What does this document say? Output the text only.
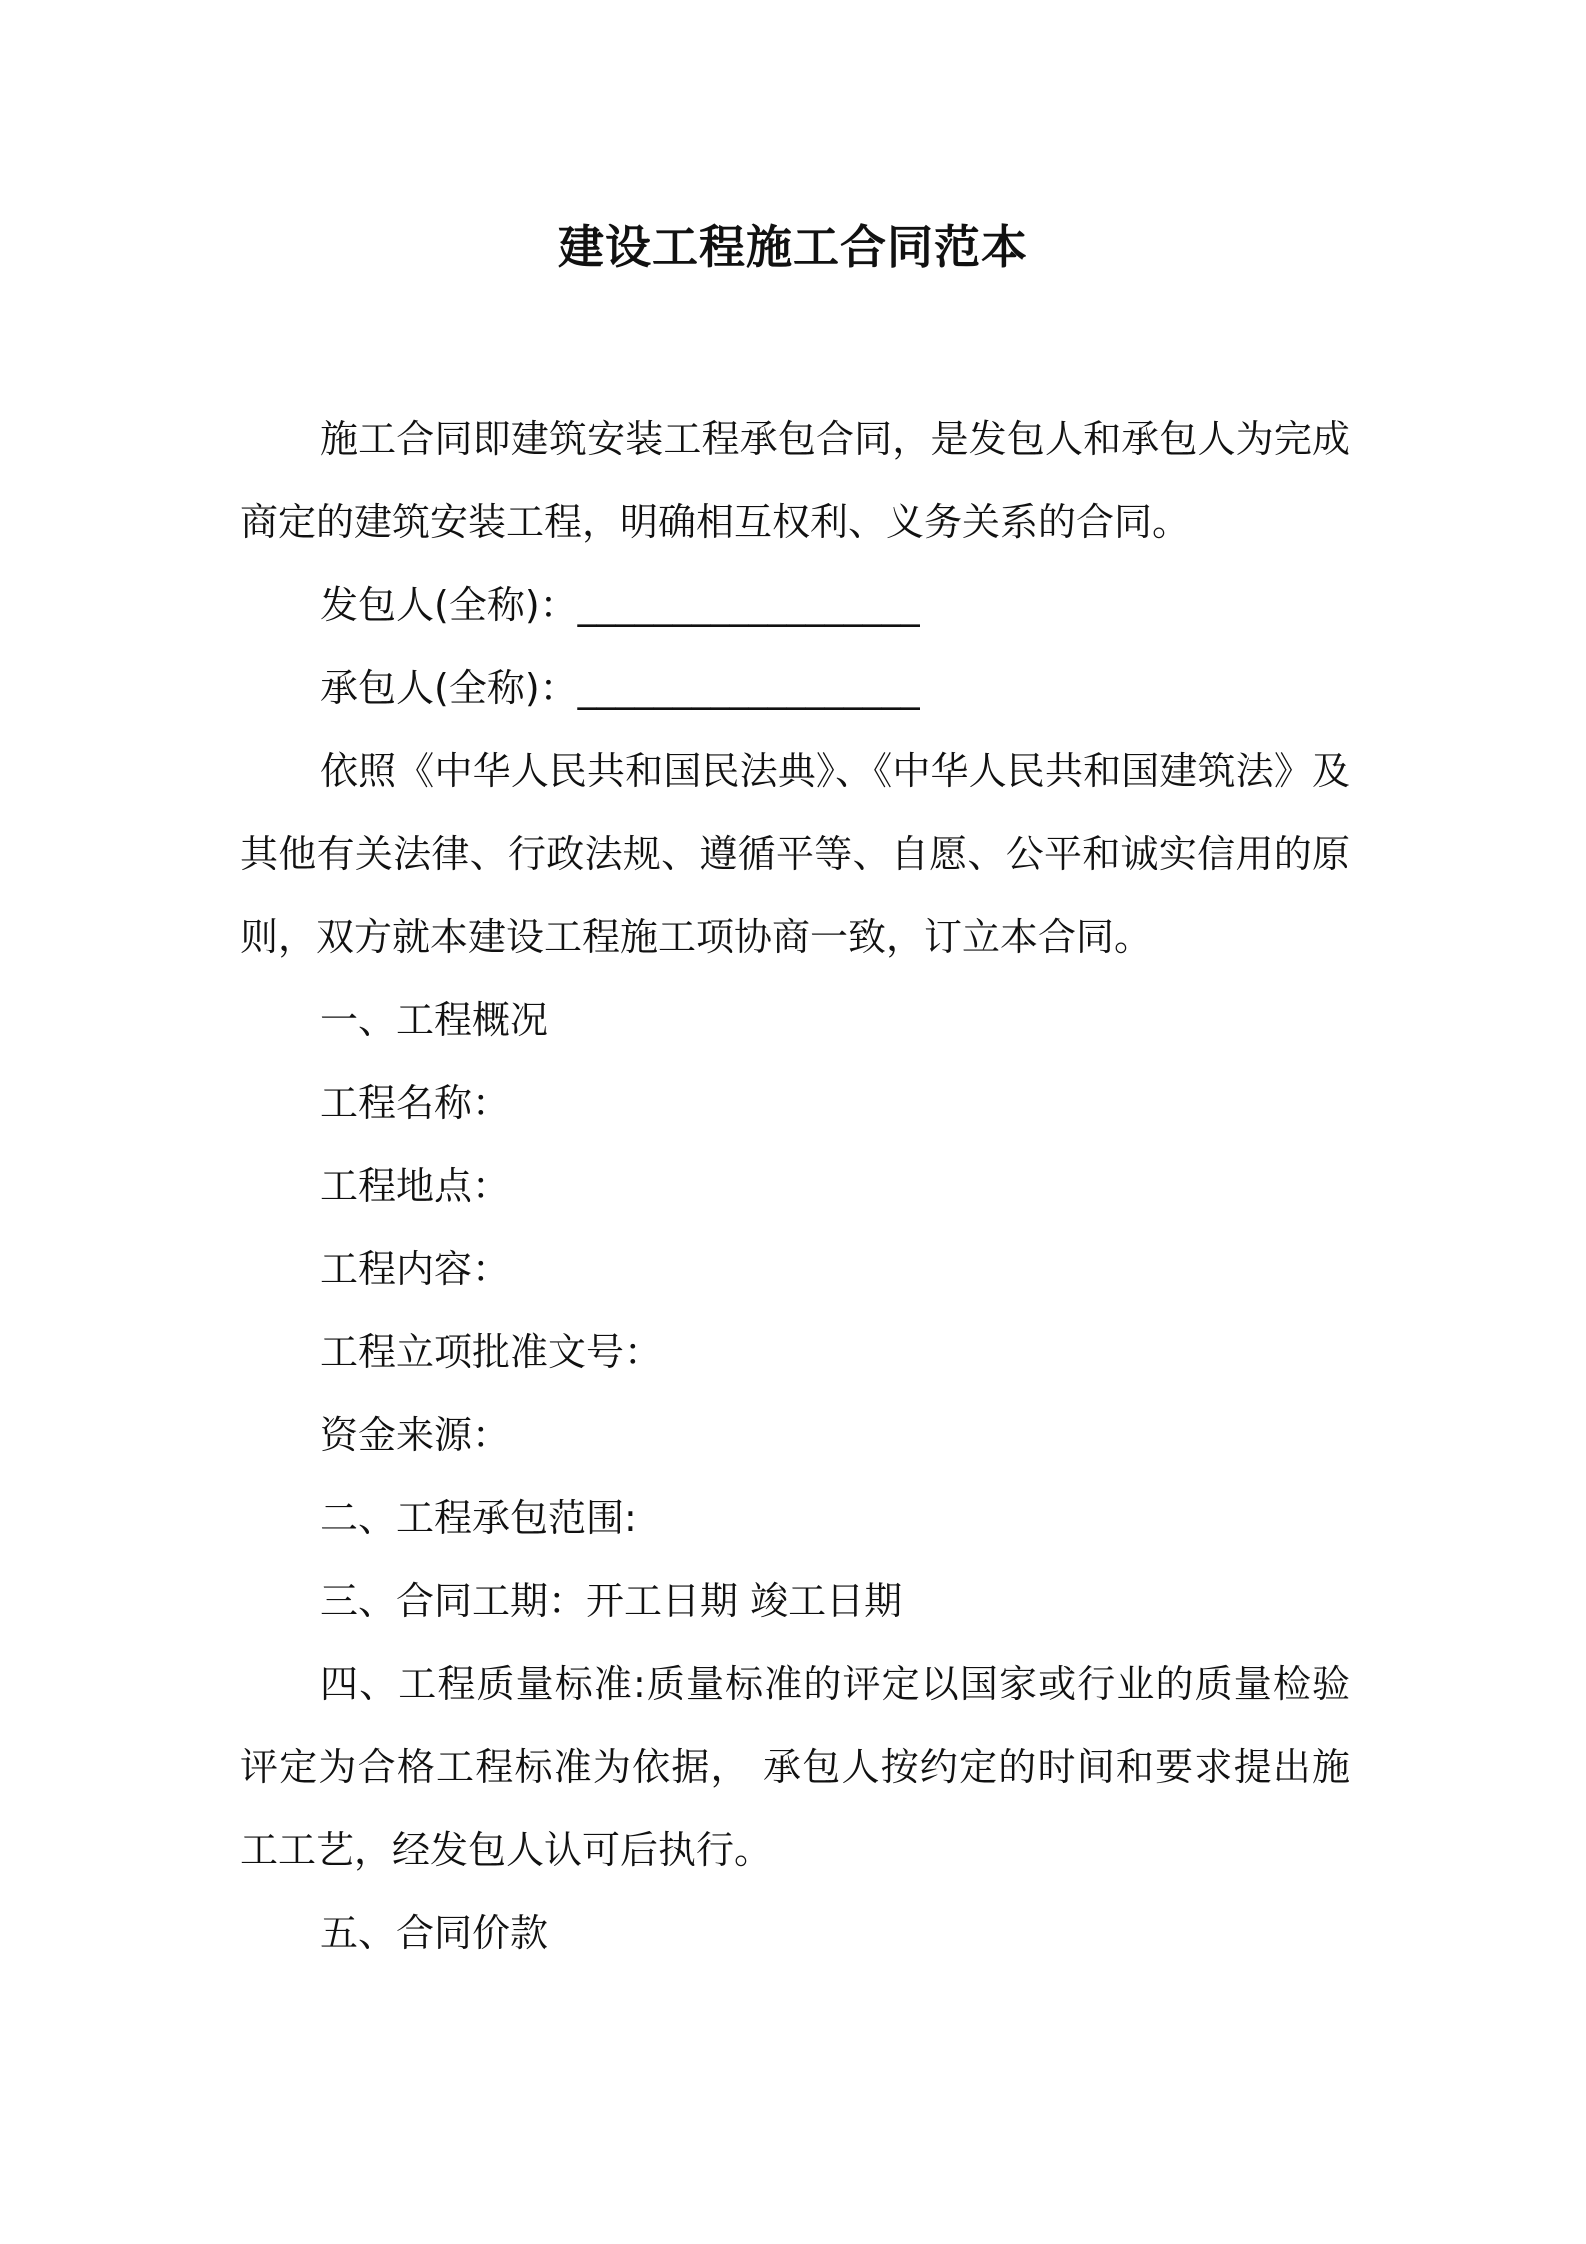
建设工程施工合同范本

施工合同即建筑安装工程承包合同，是发包人和承包人为完成商定的建筑安装工程，明确相互权利、义务关系的合同。

发包人(全称)：__________________

承包人(全称)：__________________

依照《中华人民共和国民法典》、《中华人民共和国建筑法》及其他有关法律、行政法规、遵循平等、自愿、公平和诚实信用的原则，双方就本建设工程施工项协商一致，订立本合同。

一、工程概况

工程名称：

工程地点：

工程内容：

工程立项批准文号：

资金来源：

二、工程承包范围:

三、合同工期：开工日期 竣工日期

四、工程质量标准:质量标准的评定以国家或行业的质量检验评定为合格工程标准为依据， 承包人按约定的时间和要求提出施工工艺，经发包人认可后执行。

五、合同价款
